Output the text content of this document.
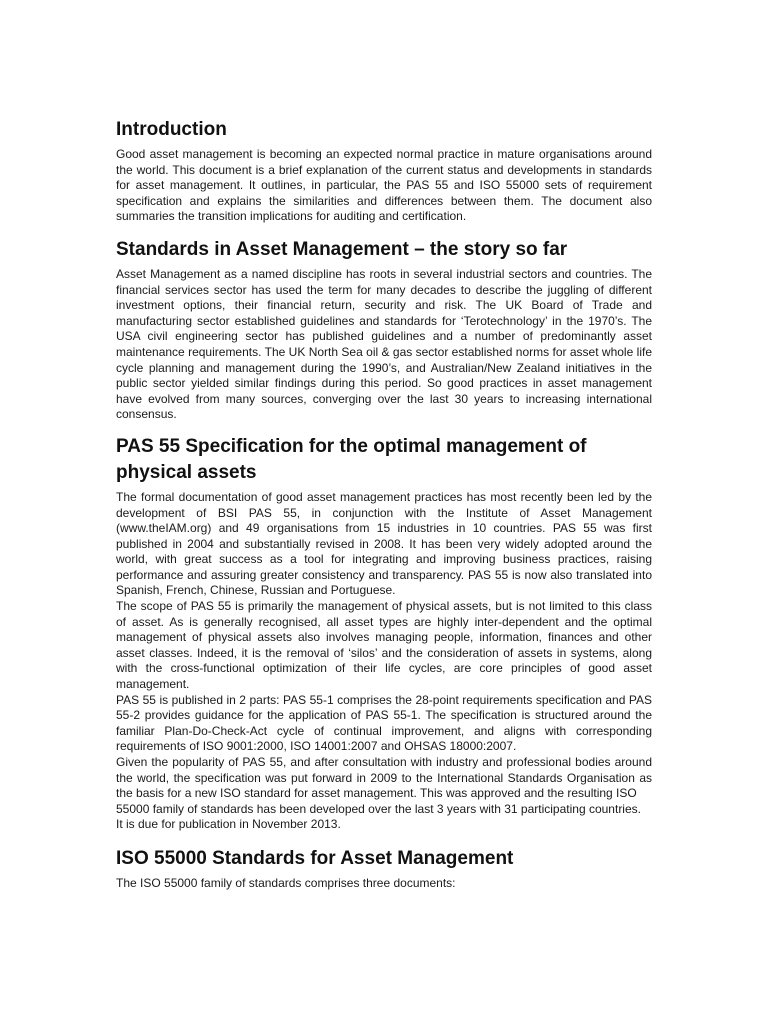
Introduction

Good asset management is becoming an expected normal practice in mature organisations around the world. This document is a brief explanation of the current status and developments in standards for asset management. It outlines, in particular, the PAS 55 and ISO 55000 sets of requirement specification and explains the similarities and differences between them. The document also summaries the transition implications for auditing and certification.

Standards in Asset Management – the story so far

Asset Management as a named discipline has roots in several industrial sectors and countries. The financial services sector has used the term for many decades to describe the juggling of different investment options, their financial return, security and risk. The UK Board of Trade and manufacturing sector established guidelines and standards for ‘Terotechnology’ in the 1970’s. The USA civil engineering sector has published guidelines and a number of predominantly asset maintenance requirements. The UK North Sea oil & gas sector established norms for asset whole life cycle planning and management during the 1990’s, and Australian/New Zealand initiatives in the public sector yielded similar findings during this period. So good practices in asset management have evolved from many sources, converging over the last 30 years to increasing international consensus.

PAS 55 Specification for the optimal management of physical assets

The formal documentation of good asset management practices has most recently been led by the development of BSI PAS 55, in conjunction with the Institute of Asset Management (www.theIAM.org) and 49 organisations from 15 industries in 10 countries. PAS 55 was first published in 2004 and substantially revised in 2008. It has been very widely adopted around the world, with great success as a tool for integrating and improving business practices, raising performance and assuring greater consistency and transparency. PAS 55 is now also translated into Spanish, French, Chinese, Russian and Portuguese.

The scope of PAS 55 is primarily the management of physical assets, but is not limited to this class of asset. As is generally recognised, all asset types are highly inter-dependent and the optimal management of physical assets also involves managing people, information, finances and other asset classes. Indeed, it is the removal of ‘silos’ and the consideration of assets in systems, along with the cross-functional optimization of their life cycles, are core principles of good asset management.

PAS 55 is published in 2 parts: PAS 55-1 comprises the 28-point requirements specification and PAS 55-2 provides guidance for the application of PAS 55-1. The specification is structured around the familiar Plan-Do-Check-Act cycle of continual improvement, and aligns with corresponding requirements of ISO 9001:2000, ISO 14001:2007 and OHSAS 18000:2007.

Given the popularity of PAS 55, and after consultation with industry and professional bodies around the world, the specification was put forward in 2009 to the International Standards Organisation as the basis for a new ISO standard for asset management. This was approved and the resulting ISO

55000 family of standards has been developed over the last 3 years with 31 participating countries.

It is due for publication in November 2013.

ISO 55000 Standards for Asset Management

The ISO 55000 family of standards comprises three documents:
